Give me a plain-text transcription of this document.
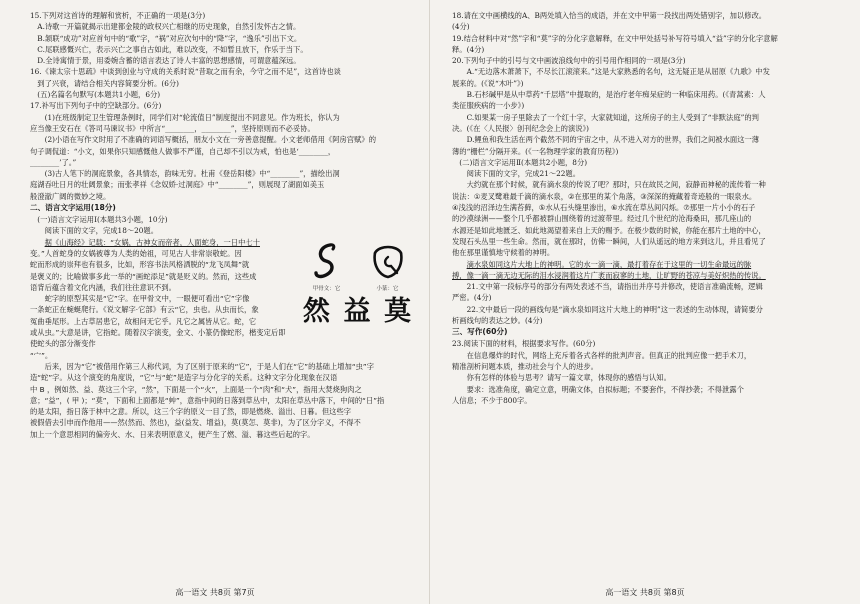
15.下列对这首诗的理解和赏析，不正确的一项是(3分)

A.诗歌一开篇就揭示出建都金陵的政权兴亡相继的历史现象，自然引发怀古之情。

B.颔联“成功”对应首句中的“歌”字，“祸”对应次句中的“降”字，“逸乐”引出下文。

C.尾联感慨兴亡，表示兴亡之事自古如此，难以改变，不如暂且放下，作乐于当下。

D.全诗寓情于景，用委婉含蓄的语言表达了诗人丰富的思想感情，可谓意蕴深远。

16.《谏太宗十思疏》中谈到创业与守成的关系时说“昔取之而有余，今守之而不足”，这首诗也谈

到了兴衰，请结合相关内容简要分析。(6分)

(五)名篇名句默写(本题共1小题，6分)

17.补写出下列句子中的空缺部分。(6分)

(1)在班级制定卫生管理条例时，同学们对“轮流值日”制度提出不同意见。作为班长，你认为

应当像王安石在《答司马谏议书》中所言“________，________”，坚持原则而不必妥协。

(2)小语在写作文时用了不准确的词语写概括，朋友小文在一旁善意提醒。小文老师借用《阿房宫赋》的

句子调侃道：“小文，如果你只知感慨他人做事不严谨，自己却不引以为戒，怕也是‘________，

________’了。”

(3)古人笔下的洞庭景象，各具情态，韵味无穷。杜甫《登岳阳楼》中“________”，描绘出洞

庭湖吞吐日月的壮阔景象；而张孝祥《念奴娇·过洞庭》中“________”，则展现了湖面如美玉

般澄澈广阔的微妙之境。

二、语言文字运用(18分)

(一)语言文字运用Ⅰ(本题共3小题，10分)

阅读下面的文字，完成18～20题。

甲骨文：它	小篆：它
然 益 莫

据《山海经》记载：“女娲，古神女而帝者，人面蛇身，一日中七十

变。”人首蛇身的女娲被尊为人类的始祖，可见古人非常崇敬蛇。因

蛇而形成的崇拜也有很多，比如，形容书法风格洒脱的“龙飞凤舞”就

是褒义的；比喻做事多此一举的“画蛇添足”就是贬义的。然而，这些成

语背后蕴含着文化内涵，我们往往意识不到。

蛇字的原型其实是“它”字。在甲骨文中，一眼便可看出“它”字像

一条蛇正在蜿蜒爬行。《说文解字·它部》有云“它，虫也。从虫而长，象

冤曲垂尾形。上古草居患它，故相问无它乎。凡它之属皆从它。蛇，它

或从虫。”大意是讲，它指蛇。随着汉字演变，金文、小篆仍像蛇形，楷变定后即使蛇头的部分渐变作

“宀”。

后来，因为“它”被借用作第三人称代词，为了区别于原来的“它”，于是人们在“它”的基础上增加“虫”字

造“蛇”字。从这个演变的角度说，“它”与“蛇”是造字与分化字的关系。这种文字分化现象在汉语

中 B ，例如然、益、莫这三个字，“然”，下面是一个“火”，上面是一个“肉”和“犬”，指用大焚烧狗肉之

意；“益”，( 甲 )；“莫”，下面和上面都是“艸”，意指中间的日落到草丛中，太阳在草丛中落下，中间的“日”指

的是太阳，指日落于林中之意。所以，这三个字的原义一目了然，即是燃烧、溢出、日暮。但这些字

被假借去引申而作他用——然(然而、然也)，益(益发、增益)，莫(莫怎、莫非)，为了区分字义，不得不

加上一个意思相同的偏旁火、水、日来表明原意义，便产生了燃、溢、暮这些后起的字。

高一语文 共8页 第7页

18.请在文中画横线的A、B两处填入恰当的成语，并在文中甲第一段找出两处错别字，加以修改。

(4分)

19.结合材料中对“然”字和“莫”字的分化字意解释，在文中甲处括号补写符号填入“益”字的分化字意解

释。(4分)

20.下列句子中的引号与文中画波浪线句中的引号用作相同的一项是(3分)

A.“无边落木萧萧下，不尽长江滚滚来。”这是大家熟悉的名句，这无疑正是从屈原《九歌》中发

展来的。(《说“木叶”》)

B.石杉碱甲是从中草药“千层塔”中提取的，是治疗老年痴呆症的一种临床用药。(《青蒿素：人

类征服疾病的一小步》)

C.如果某一房子里除去了一个红十字，大家就知道，这所房子的主人受到了“非默法庭”的判

决。(《在〈人民报〉创刊纪念会上的演说》)

D.鲤鱼和我生活在两个截然不同的宇宙之中，从不进入对方的世界，我们之间被水面这一薄

薄的“栅栏”分隔开来。(《一名物理学家的教育历程》)

(二)语言文字运用Ⅱ(本题共2小题，8分)

阅读下面的文字，完成21～22题。

大约就在那个时候，就有滴水泉的传说了吧？那时，只在故民之间，寂静而神秘的流传着一种

说法：①麦叉鹭难最千滴的滴水泉，②在那里的某个角落，③深深的掩藏着奇迹般的一眼泉水。

④浅浅的沼泽边生满苔藓，⑤水从石头缝里渗出，⑥水流在草丛间闪烁。⑦那里一片小小的石子

的沙漠绿洲——整个几乎都被群山围绕着的过渡带里。经过几个世纪的沧海桑田，那几座山的

水源还是如此地匮乏、如此地渴望着来自上天的赐予。在极少数的时候，你能在那片土地的中心，

发现石头丛里一些生命。然而，就在那时，仿佛一瞬间，人们从遥远的地方来到这儿，并且看见了

他在那里谨慎地守候着的神明。

滴水泉如同这片大地上的神明。它的水一滴一滴，最打着存在于这里的一切生命最远的脉

搏，像一滴一滴无边无际的泪水浸润着这片广袤而寂寥的土地，让旷野的苍凉与美好炽热的传说。

21.文中第一段标序号的部分有两处表述不当，请指出并序号并修改，使语言准确流畅，逻辑

严密。(4分)

22.文中最后一段的画线句是“滴水泉如同这片大地上的神明”这一表述的生动体现，请简要分

析画线句的表达之妙。(4分)

三、写作(60分)

23.阅读下面的材料，根据要求写作。(60分)

在信息爆炸的时代，网络上充斥着各式各样的批判声音。但真正的批判应像一把手术刀，

精准剖析问题本质，推动社会与个人的进步。

你有怎样的体验与思考？请写一篇文章，体现你的感悟与认知。

要求：选准角度，确定立意，明确文体，自拟标题；不要套作，不得抄袭；不得泄露个

人信息；不少于800字。

高一语文 共8页 第8页
